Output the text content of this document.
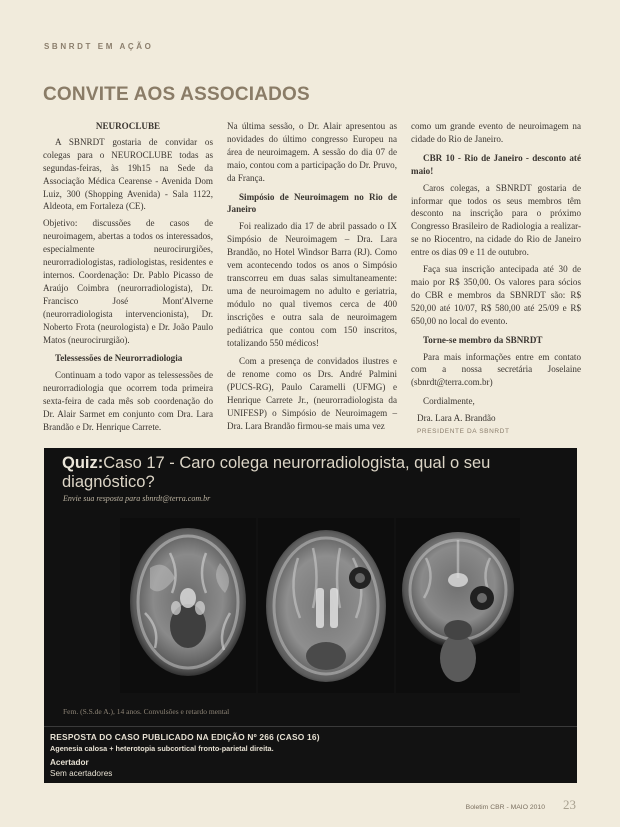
SBNRDT EM AÇÃO
CONVITE AOS ASSOCIADOS

NEUROCLUBE

A SBNRDT gostaria de convidar os colegas para o NEUROCLUBE todas as segundas-feiras, às 19h15 na Sede da Associação Médica Cearense - Avenida Dom Luiz, 300 (Shopping Avenida) - Sala 1122, Aldeota, em Fortaleza (CE).

Objetivo: discussões de casos de neuroimagem, abertas a todos os interessados, especialmente neurocirurgiões, neurorradiologistas, radiologistas, residentes e internos. Coordenação: Dr. Pablo Picasso de Araújo Coimbra (neurorradiologista), Dr. Francisco José Mont'Alverne (neurorradiologista intervencionista), Dr. Noberto Frota (neurologista) e Dr. João Paulo Matos (neurocirurgião).

Telessessões de Neurorradiologia

Continuam a todo vapor as telessessões de neurorradiologia que ocorrem toda primeira sexta-feira de cada mês sob coordenação do Dr. Alair Sarmet em conjunto com Dra. Lara Brandão e Dr. Henrique Carrete.

Na última sessão, o Dr. Alair apresentou as novidades do último congresso Europeu na área de neuroimagem. A sessão do dia 07 de maio, contou com a participação do Dr. Pruvo, da França.

Simpósio de Neuroimagem no Rio de Janeiro

Foi realizado dia 17 de abril passado o IX Simpósio de Neuroimagem – Dra. Lara Brandão, no Hotel Windsor Barra (RJ). Como vem acontecendo todos os anos o Simpósio transcorreu em duas salas simultaneamente: uma de neuroimagem no adulto e geriatria, módulo no qual tivemos cerca de 400 inscrições e outra sala de neuroimagem pediátrica que contou com 150 inscritos, totalizando 550 médicos!

Com a presença de convidados ilustres e de renome como os Drs. André Palmini (PUCS-RG), Paulo Caramelli (UFMG) e Henrique Carrete Jr., (neurorradiologista da UNIFESP) o Simpósio de Neuroimagem – Dra. Lara Brandão firmou-se mais uma vez

como um grande evento de neuroimagem na cidade do Rio de Janeiro.

CBR 10 - Rio de Janeiro - desconto até maio!

Caros colegas, a SBNRDT gostaria de informar que todos os seus membros têm desconto na inscrição para o próximo Congresso Brasileiro de Radiologia a realizar-se no Riocentro, na cidade do Rio de Janeiro entre os dias 09 e 11 de outubro.

Faça sua inscrição antecipada até 30 de maio por R$ 350,00. Os valores para sócios do CBR e membros da SBNRDT são: R$ 520,00 até 10/07, R$ 580,00 até 25/09 e R$ 650,00 no local do evento.

Torne-se membro da SBNRDT

Para mais informações entre em contato com a nossa secretária Joselaine (sbnrdt@terra.com.br)

Cordialmente,

Dra. Lara A. Brandão

PRESIDENTE DA SBNRDT

Quiz:Caso 17 - Caro colega neurorradiologista, qual o seu diagnóstico?
Envie sua resposta para sbnrdt@terra.com.br
Fem. (S.S.de A.), 14 anos. Convulsões e retardo mental
RESPOSTA DO CASO PUBLICADO NA EDIÇÃO Nº 266 (CASO 16)
Agenesia calosa + heterotopia subcortical fronto-parietal direita.
Acertador
Sem acertadores
Boletim CBR - MAIO 2010 23
